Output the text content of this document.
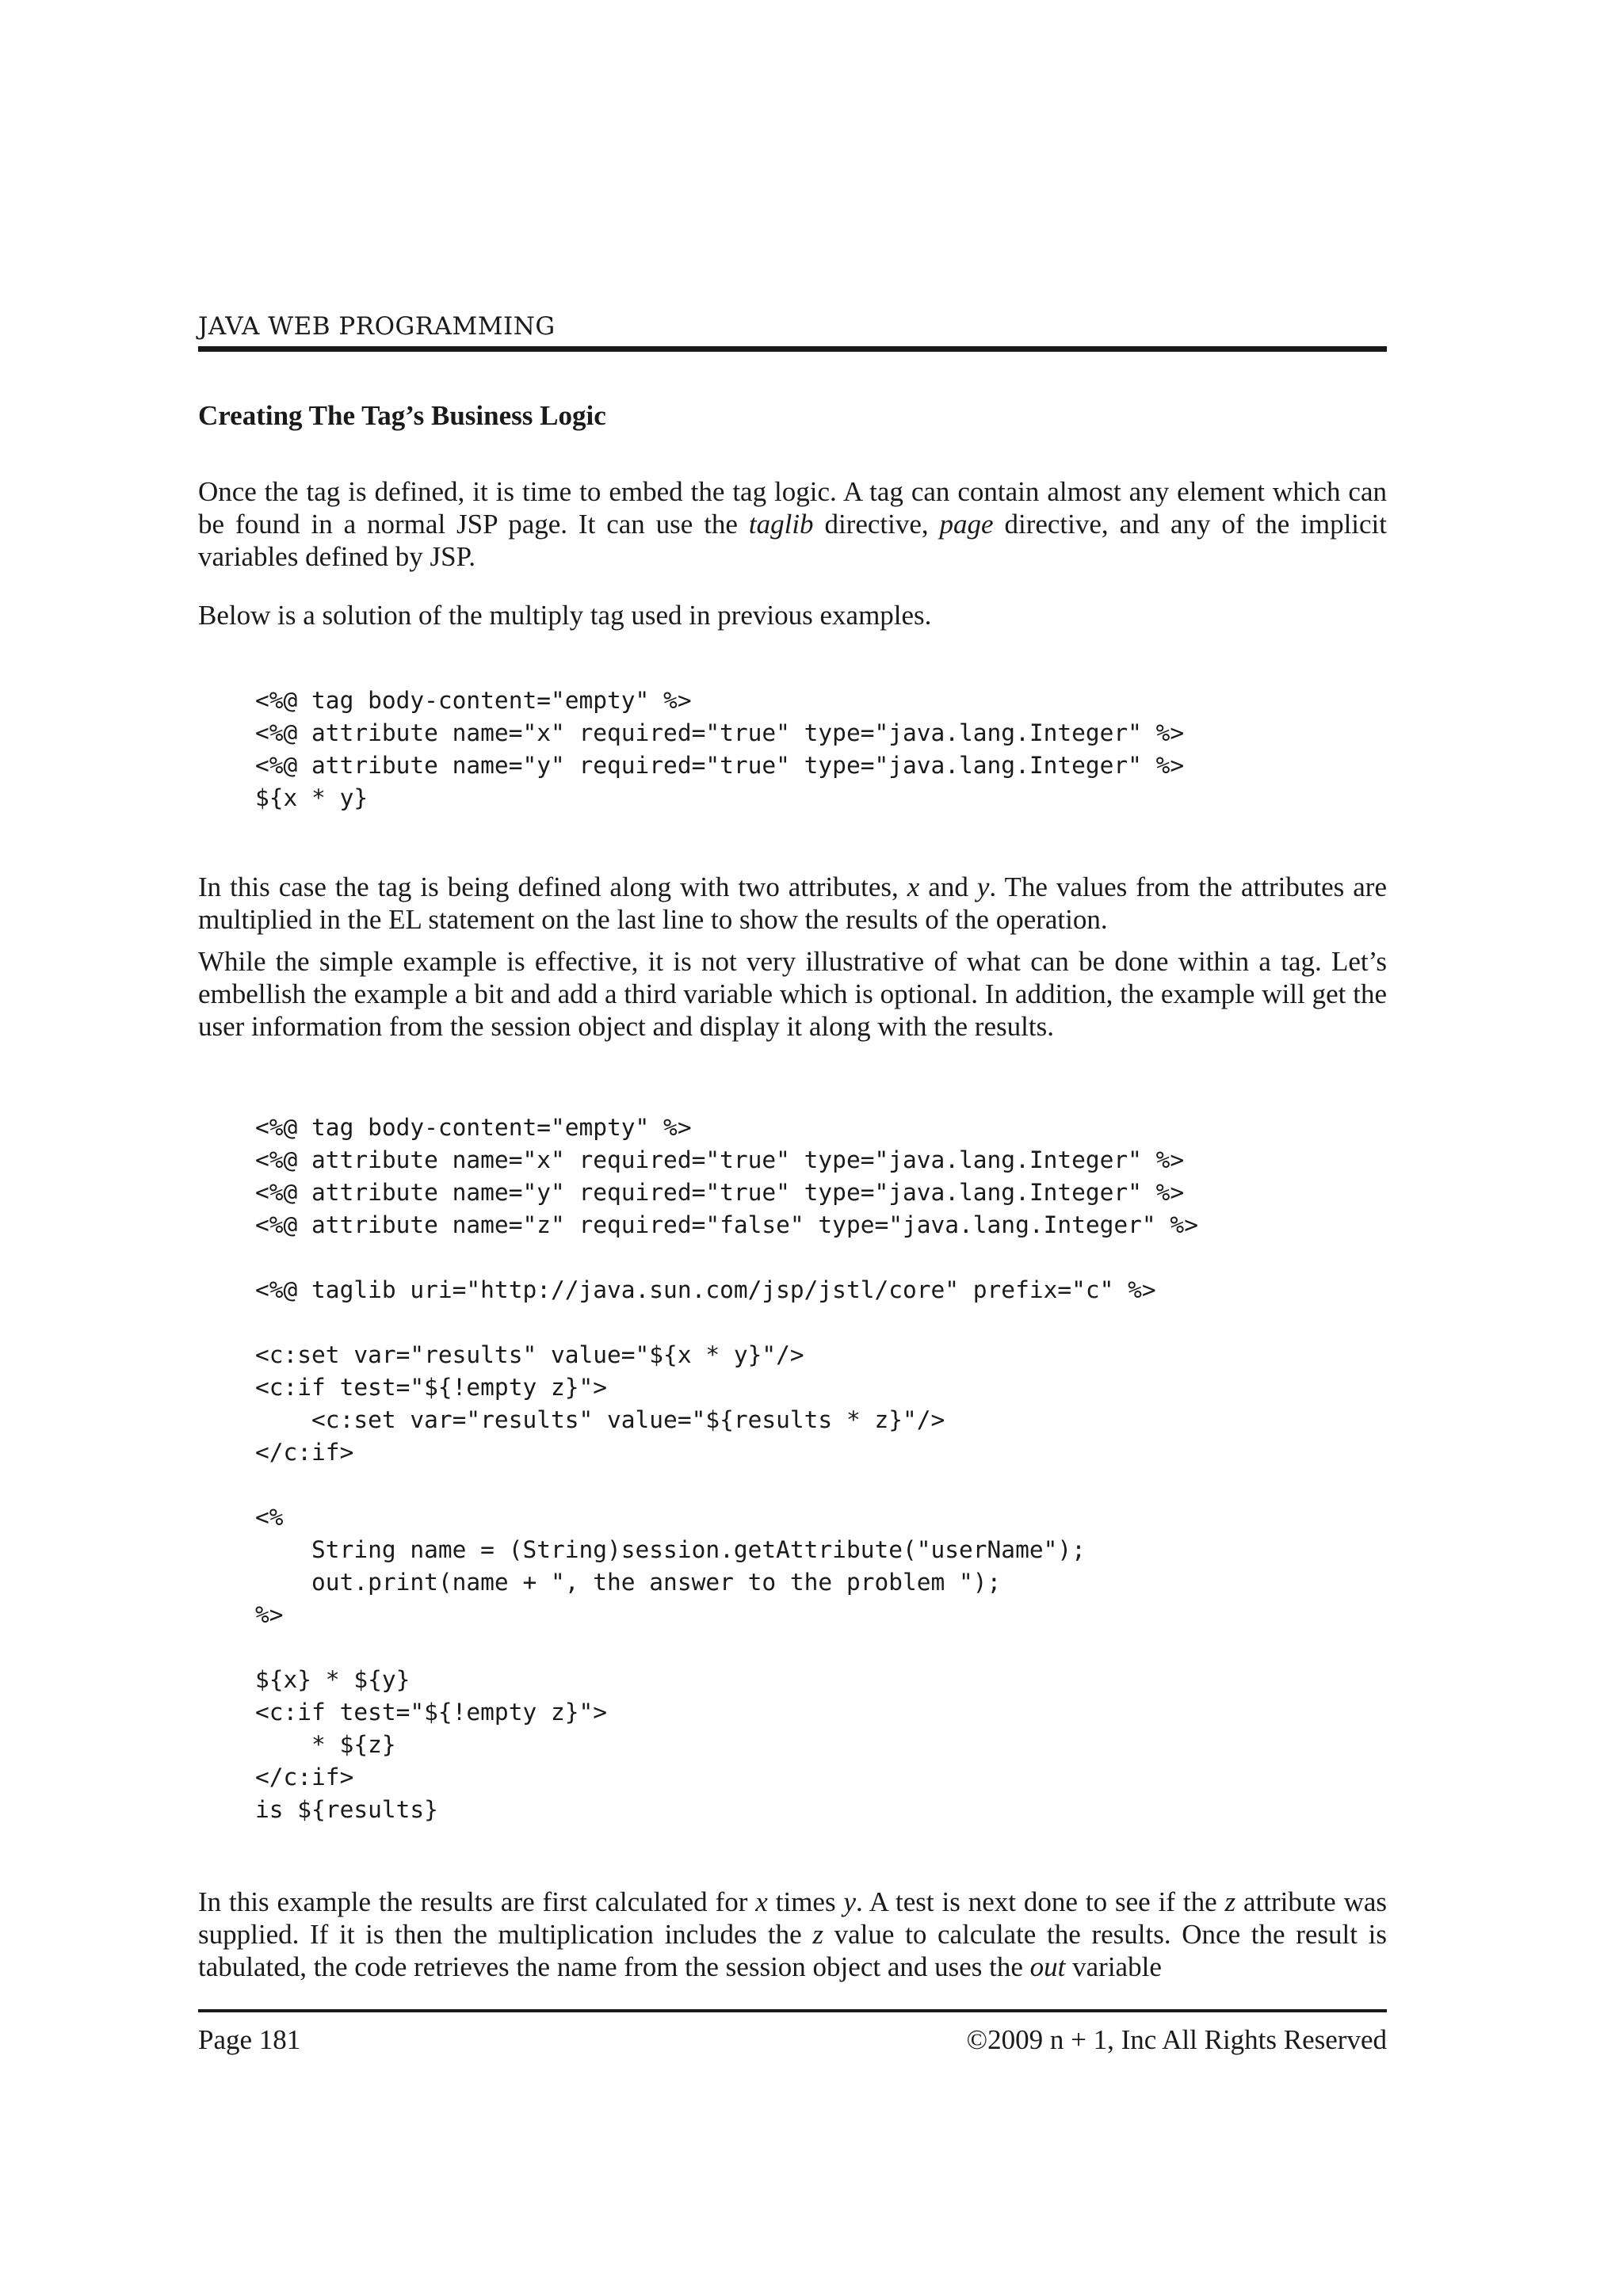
JAVA WEB PROGRAMMING
Creating The Tag’s Business Logic

Once the tag is defined, it is time to embed the tag logic. A tag can contain almost any element which can be found in a normal JSP page. It can use the taglib directive, page directive, and any of the implicit variables defined by JSP.

Below is a solution of the multiply tag used in previous examples.

<%@ tag body-content="empty" %>
<%@ attribute name="x" required="true" type="java.lang.Integer" %>
<%@ attribute name="y" required="true" type="java.lang.Integer" %>
${x * y}

In this case the tag is being defined along with two attributes, x and y. The values from the attributes are multiplied in the EL statement on the last line to show the results of the operation.

While the simple example is effective, it is not very illustrative of what can be done within a tag. Let’s embellish the example a bit and add a third variable which is optional. In addition, the example will get the user information from the session object and display it along with the results.

<%@ tag body-content="empty" %>
<%@ attribute name="x" required="true" type="java.lang.Integer" %>
<%@ attribute name="y" required="true" type="java.lang.Integer" %>
<%@ attribute name="z" required="false" type="java.lang.Integer" %>

<%@ taglib uri="http://java.sun.com/jsp/jstl/core" prefix="c" %>

<c:set var="results" value="${x * y}"/>
<c:if test="${!empty z}">
<c:set var="results" value="${results * z}"/>
</c:if>

<%
String name = (String)session.getAttribute("userName");
out.print(name + ", the answer to the problem ");
%>

${x} * ${y}
<c:if test="${!empty z}">
* ${z}
</c:if>
is ${results}

In this example the results are first calculated for x times y. A test is next done to see if the z attribute was supplied. If it is then the multiplication includes the z value to calculate the results. Once the result is tabulated, the code retrieves the name from the session object and uses the out variable

Page 181	©2009 n + 1, Inc All Rights Reserved
